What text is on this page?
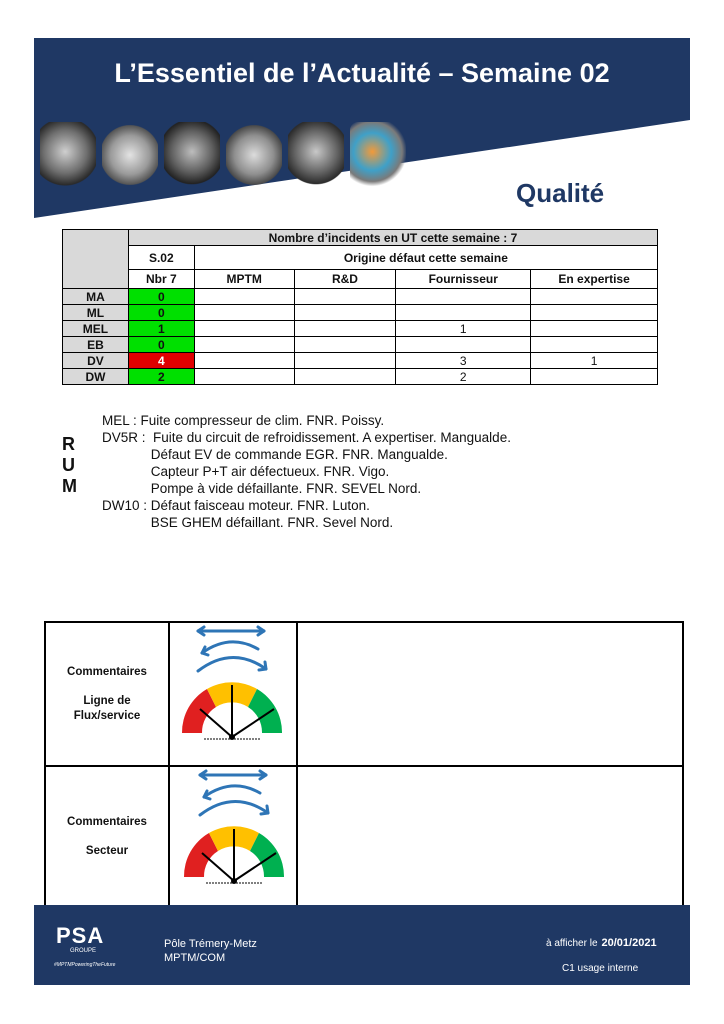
L’Essentiel de l’Actualité – Semaine 02
Qualité
	Nombre d’incidents en UT cette semaine : 7				
	S.02	Origine défaut cette semaine			
	Nbr 7	MPTM	R&D	Fournisseur	En expertise
MA	0				
ML	0				
MEL	1			1	
EB	0				
DV	4			3	1
DW	2			2	
R
U
M
MEL : Fuite compresseur de clim. FNR. Poissy.
DV5R :  Fuite du circuit de refroidissement. A expertiser. Mangualde.
Défaut EV de commande EGR. FNR. Mangualde.
Capteur P+T air défectueux. FNR. Vigo.
Pompe à vide défaillante. FNR. SEVEL Nord.
DW10 : Défaut faisceau moteur. FNR. Luton.
BSE GHEM défaillant. FNR. Sevel Nord.
Commentaires
Ligne de
Flux/service
Commentaires
Secteur
PSA
GROUPE
#MPTMPoweringTheFuture
Pôle Trémery-Metz
MPTM/COM
à afficher le 20/01/2021
C1 usage interne
